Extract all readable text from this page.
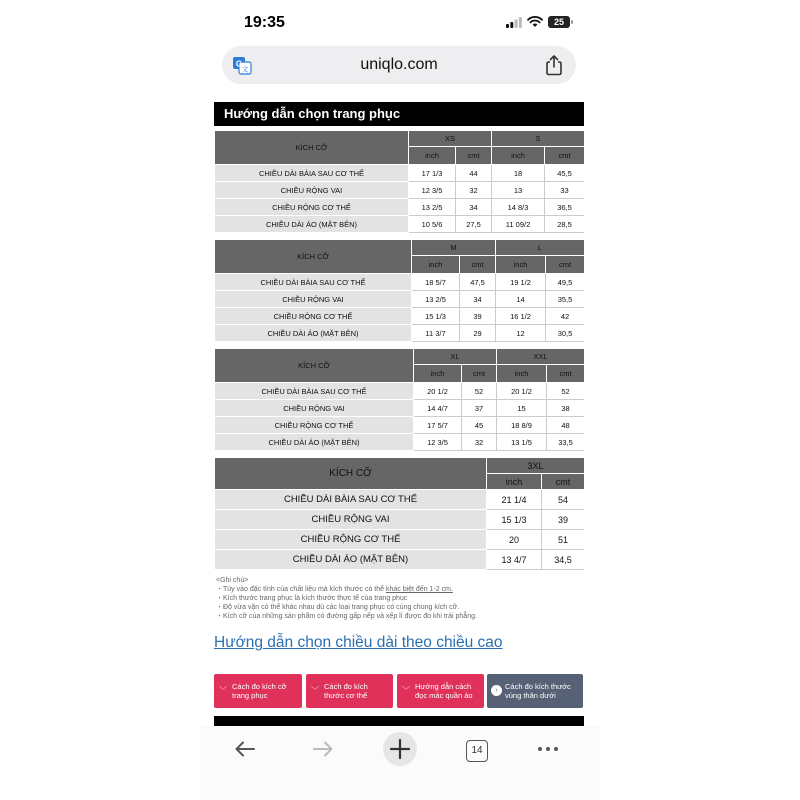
19:35	25
G
文	uniqlo.com
Hướng dẫn chọn trang phục
KÍCH CỠ	XS		S	
	inch	cmt	inch	cmt
CHIỀU DÀI BÀIA SAU CƠ THỂ	17 1/3	44	18	45,5
CHIỀU RỘNG VAI	12 3/5	32	13	33
CHIỀU RỘNG CƠ THỂ	13 2/5	34	14 8/3	36,5
CHIỀU DÀI ÁO (MẶT BÊN)	10 5/6	27,5	11 09/2	28,5
KÍCH CỠ	M		L	
	inch	cmt	inch	cmt
CHIỀU DÀI BÀIA SAU CƠ THỂ	18 5/7	47,5	19 1/2	49,5
CHIỀU RỘNG VAI	13 2/5	34	14	35,5
CHIỀU RỘNG CƠ THỂ	15 1/3	39	16 1/2	42
CHIỀU DÀI ÁO (MẶT BÊN)	11 3/7	29	12	30,5
KÍCH CỠ	XL		XXL	
	inch	cmt	inch	cmt
CHIỀU DÀI BÀIA SAU CƠ THỂ	20 1/2	52	20 1/2	52
CHIỀU RỘNG VAI	14 4/7	37	15	38
CHIỀU RỘNG CƠ THỂ	17 5/7	45	18 8/9	48
CHIỀU DÀI ÁO (MẶT BÊN)	12 3/5	32	13 1/5	33,5
KÍCH CỠ	3XL	
	inch	cmt
CHIỀU DÀI BÀIA SAU CƠ THỂ	21 1/4	54
CHIỀU RỘNG VAI	15 1/3	39
CHIỀU RỘNG CƠ THỂ	20	51
CHIỀU DÀI ÁO (MẶT BÊN)	13 4/7	34,5
<Ghi chú>
・Tùy vào đặc tính của chất liệu mà kích thước có thể khác biệt đến 1-2 cm.
・Kích thước trang phục là kích thước thực tế của trang phục
・Độ vừa vặn có thể khác nhau dù các loại trang phục có cùng chung kích cỡ.
・Kích cỡ của những sản phẩm có đường gấp nếp và xếp lì được đo khi trải phẳng.
Hướng dẫn chọn chiều dài theo chiều cao
﹀ Cách đo kích cỡ
trang phục
﹀ Cách đo kích
thước cơ thể
﹀ Hướng dẫn cách
đọc mác quần áo
› Cách đo kích thước
vùng thân dưới
14
